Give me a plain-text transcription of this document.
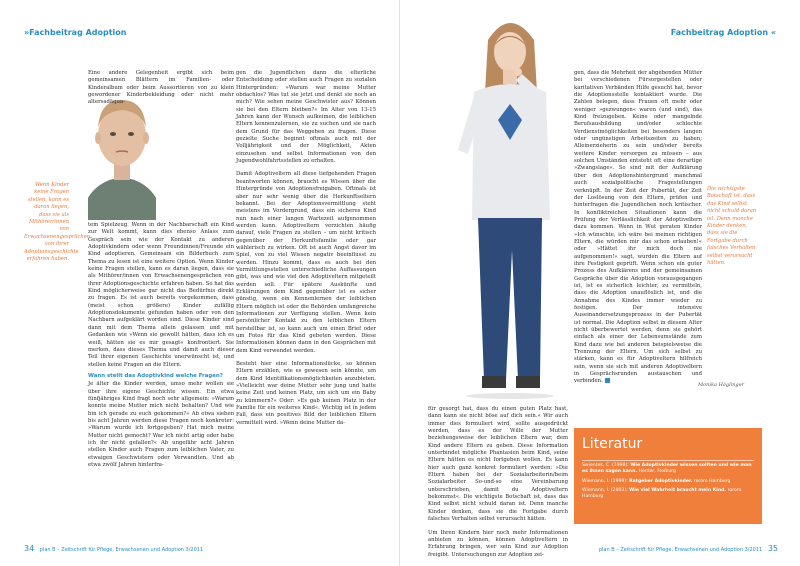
»Fachbeitrag Adoption

Eine andere Gelegenheit ergibt sich beim gemeinsamen Blättern im Familien- oder Kinderalbum oder beim Aussortieren von zu klein gewordener Kinderbekleidung oder nicht mehr altersadäqua-

Wenn Kinder keine Fragen stellen, kann es daran liegen, dass sie als Mithörer/innen von Erwachsenengesprächen von ihrer Adoptionsgeschichte erfahren haben.

tem Spielzeug. Wenn in der Nachbarschaft ein Kind zur Welt kommt, kann dies ebenso Anlass zum Gespräch sein wie der Kontakt zu anderen Adoptivkindern oder wenn Freundinnen/Freunde ein Kind adoptieren. Gemeinsam ein Bilderbuch zum Thema zu lesen ist eine weitere Option. Wenn Kinder keine Fragen stellen, kann es daran liegen, dass sie als Mithörer/innen von Erwachsenengesprächen von ihrer Adoptionsgeschichte erfahren haben. So hat das Kind möglicherweise gar nicht das Bedürfnis direkt zu fragen. Es ist auch bereits vorgekommen, dass (meist schon größere) Kinder zufällig Adoptionsdokumente gefunden haben oder von den Nachbarn aufgeklärt worden sind. Diese Kinder sind dann mit dem Thema allein gelassen und mit Gedanken wie »Wenn sie gewollt hätten, dass ich es weiß, hätten sie es mir gesagt« konfrontiert. Sie merken, dass dieses Thema und damit auch dieser Teil ihrer eigenen Geschichte unerwünscht ist, und stellen keine Fragen an die Eltern.

Wann stellt das Adoptivkind welche Fragen?

Je älter die Kinder werden, umso mehr wollen sie über ihre eigene Geschichte wissen. Ein etwa fünfjähriges Kind fragt noch sehr allgemein: »Warum konnte meine Mutter mich nicht behalten? Und wie bin ich gerade zu euch gekommen?« Ab etwa sieben bis acht Jahren werden diese Fragen noch konkreter: »Warum wurde ich fortgegeben? Hat mich meine Mutter nicht gemocht? War ich nicht artig oder habe ich ihr nicht gefallen?« Ab ungefähr acht Jahren stellen Kinder auch Fragen zum leiblichen Vater, zu etwaigen Geschwistern oder Verwandten. Und ab etwa zwölf Jahren hinterfra-

gen die Jugendlichen dann die elterliche Entscheidung oder stellen auch Fragen zu sozialen Hintergründen: »Warum war meine Mutter obdachlos? Was tut sie jetzt und denkt sie noch an mich? Wie sehen meine Geschwister aus? Können sie bei den Eltern bleiben?« Im Alter von 13-15 Jahren kann der Wunsch aufkeimen, die leiblichen Eltern kennenzulernen, sie zu suchen und sie nach dem Grund für das Weggeben zu fragen. Diese gezielte Suche beginnt oftmals auch mit der Volljährigkeit und der Möglichkeit, Akten einzusehen und selbst Informationen von den Jugendwohlfahrtsstellen zu erhalten.

Damit Adoptiveltern all diese tiefgehenden Fragen beantworten können, braucht es Wissen über die Hintergründe von Adoptionsfreigaben. Oftmals ist aber nur sehr wenig über die Herkunftseltern bekannt. Bei der Adoptionsvermittlung steht meistens im Vordergrund, dass ein sicheres Kind nun nach einer langen Wartezeit aufgenommen werden kann. Adoptiveltern verzichten häufig darauf, viele Fragen zu stellen – um nicht kritisch gegenüber der Herkunftsfamilie oder gar wählerisch zu wirken. Oft ist auch Angst davor im Spiel, von zu viel Wissen negativ beeinflusst zu werden. Hinzu kommt, dass es auch bei den Vermittlungsstellen unterschiedliche Auffassungen gibt, was und wie viel den Adoptiveltern mitgeteilt werden soll. Für spätere Auskünfte und Erklärungen dem Kind gegenüber ist es sicher günstig, wenn ein Kennenlernen der leiblichen Eltern möglich ist oder die Behörden umfangreiche Informationen zur Verfügung stellen. Wenn kein persönlicher Kontakt zu den leiblichen Eltern herstellbar ist, so kann auch um einen Brief oder um Fotos für das Kind gebeten werden. Diese Informationen können dann in den Gesprächen mit dem Kind verwendet werden.

Besteht hier eine Informationslücke, so können Eltern erzählen, wie es gewesen sein könnte, um dem Kind Identifikationsmöglichkeiten anzubieten. »Vielleicht war deine Mutter sehr jung und hatte keine Zeit und keinen Platz, um sich um ein Baby zu kümmern?« Oder: »Es gab keinen Platz in der Familie für ein weiteres Kind«. Wichtig ist in jedem Fall, dass ein positives Bild der leiblichen Eltern vermittelt wird. »Wenn deine Mutter da-

34 plan B – Zeitschrift für Pflege, Erwachsenen und Adoption 3/2011
Fachbeitrag Adoption «

für gesorgt hat, dass du einen guten Platz hast, dann kann sie nicht böse auf dich sein.« Wir auch immer dies formuliert wird, sollte ausgedrückt werden, dass es der Wille der Mutter beziehungsweise der leiblichen Eltern war, dem Kind andere Eltern zu geben. Diese Information unterbindet mögliche Phantasien beim Kind, seine Eltern hätten es nicht fortgeben wollen. Es kann hier auch ganz konkret formuliert werden: »Die Eltern haben bei der Sozialarbeiterin/beim Sozialarbeiter So-und-so eine Vereinbarung unterschrieben, damit du Adoptiveltern bekommst«. Die wichtigste Botschaft ist, dass das Kind selbst nicht schuld daran ist. Denn manche Kinder denken, dass sie die Fortgabe durch falsches Verhalten selbst verursacht hätten.

Um Ihren Kindern hier noch mehr Informationen anbieten zu können, können Adoptiveltern in Erfahrung bringen, wer sein Kind zur Adoption freigibt. Untersuchungen zur Adoption zei-

gen, dass die Mehrheit der abgebenden Mütter bei verschiedenen Fürsorgestellen oder karitativen Verbänden Hilfe gesucht hat, bevor die Adoptionsstelle kontaktiert wurde. Die Zahlen belegen, dass Frauen oft mehr oder weniger »gezwungen« waren (und sind), das Kind freizugeben. Keine oder mangelnde Berufsausbildung und/oder schlechte Verdienstmöglichkeiten bei besonders langen oder ungünstigen Arbeitszeiten zu haben; Alleinerzieherin zu sein und/oder bereits weitere Kinder versorgen zu müssen – aus solchen Umständen entsteht oft eine derartige »Zwangslage«. So sind mit der Aufklärung über den Adoptionshintergrund manchmal auch sozialpolitische Fragestellungen verknüpft. In der Zeit der Pubertät, der Zeit der Loslösung von den Eltern, prüfen und hinterfragen die Jugendlichen noch kritischer. In konfliktreichen Situationen kann die Prüfung der Verlässlichkeit der Adoptiveltern dazu kommen. Wenn in Wut geraten Kinder »Ich wünschte, ich wäre bei meinen richtigen Eltern, die würden mir das schon erlauben!« oder »Hättet ihr mich doch nie aufgenommen!« sagt, wurden die Eltern auf ihre Festigkeit geprüft. Wenn schon ein guter Prozess des Aufklärens und der gemeinsamen Gespräche über die Adoption vorausgegangen ist, ist es sicherlich leichter, zu vermitteln, dass die Adoption unauflöslich ist, und die Annahme des Kindes immer wieder zu festigen. Der intensive Auseinandersetzungsprozess in der Pubertät ist normal. Die Adoption selbst in diesem Alter nicht überbewertet werden, denn sie gehört einfach als einer der Lebensumstände zum Kind dazu wie bei anderen beispielsweise die Trennung der Eltern. Um sich selbst zu stärken, kann es für Adoptiveltern hilfreich sein, wenn sie sich mit anderen Adoptiveltern in Gesprächsrunden austauschen und verbinden.

Die wichtigste Botschaft ist, dass das Kind selbst nicht schuld daran ist. Denn manche Kinder denken, dass sie die Fortgabe durch falsches Verhalten selbst verursacht hätten.
Monika Häglinger
Literatur
Swientek, C. (1998): Wie Adoptivkinder wissen sollten und wie man es ihnen sagen kann. Herder, Freiburg
Wiemann, I. (1999): Ratgeber Adoptivkinder. rororo Hamburg
Wiemann, I. (2003): Wie viel Wahrheit braucht mein Kind. rororo Hamburg
plan B – Zeitschrift für Pflege, Erwachsenen und Adoption 3/2011 35
